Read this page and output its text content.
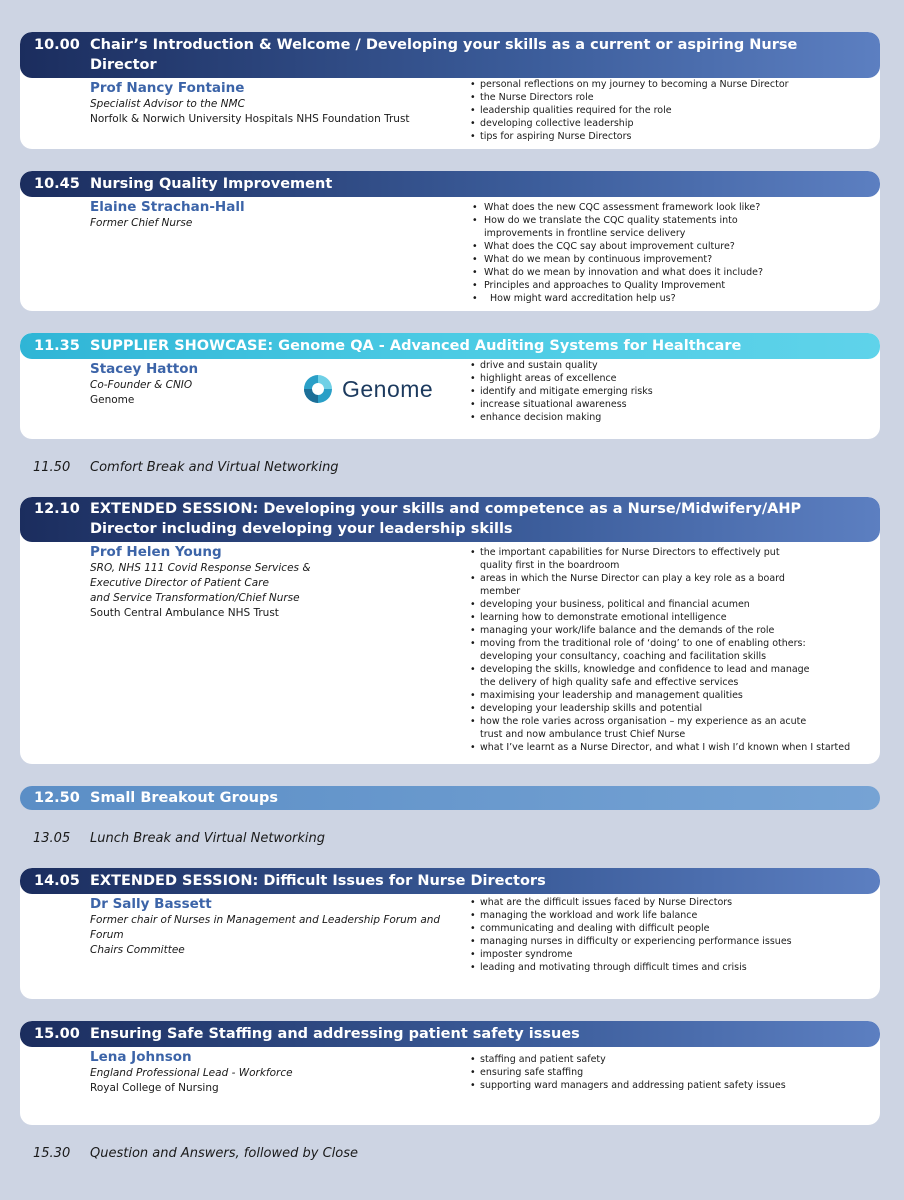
10.00 Chair’s Introduction & Welcome / Developing your skills as a current or aspiring Nurse Director
Prof Nancy Fontaine
Specialist Advisor to the NMC
Norfolk & Norwich University Hospitals NHS Foundation Trust
• personal reflections on my journey to becoming a Nurse Director
• the Nurse Directors role
• leadership qualities required for the role
• developing collective leadership
• tips for aspiring Nurse Directors
10.45 Nursing Quality Improvement
Elaine Strachan-Hall
Former Chief Nurse
• What does the new CQC assessment framework look like?
• How do we translate the CQC quality statements into improvements in frontline service delivery
• What does the CQC say about improvement culture?
• What do we mean by continuous improvement?
• What do we mean by innovation and what does it include?
• Principles and approaches to Quality Improvement
• How might ward accreditation help us?
11.35 SUPPLIER SHOWCASE: Genome QA - Advanced Auditing Systems for Healthcare
Stacey Hatton
Co-Founder & CNIO
Genome	Genome
• drive and sustain quality
• highlight areas of excellence
• identify and mitigate emerging risks
• increase situational awareness
• enhance decision making
11.50	Comfort Break and Virtual Networking
12.10 EXTENDED SESSION: Developing your skills and competence as a Nurse/Midwifery/AHP Director including developing your leadership skills
Prof Helen Young
SRO, NHS 111 Covid Response Services &
Executive Director of Patient Care
and Service Transformation/Chief Nurse
South Central Ambulance NHS Trust
• the important capabilities for Nurse Directors to effectively put quality first in the boardroom
• areas in which the Nurse Director can play a key role as a board member
• developing your business, political and financial acumen
• learning how to demonstrate emotional intelligence
• managing your work/life balance and the demands of the role
• moving from the traditional role of ‘doing’ to one of enabling others: developing your consultancy, coaching and facilitation skills
• developing the skills, knowledge and confidence to lead and manage the delivery of high quality safe and effective services
• maximising your leadership and management qualities
• developing your leadership skills and potential
• how the role varies across organisation – my experience as an acute trust and now ambulance trust Chief Nurse
• what I’ve learnt as a Nurse Director, and what I wish I’d known when I started
12.50 Small Breakout Groups
13.05	Lunch Break and Virtual Networking
14.05 EXTENDED SESSION: Difficult Issues for Nurse Directors
Dr Sally Bassett
Former chair of Nurses in Management and Leadership Forum and Forum
Chairs Committee
• what are the difficult issues faced by Nurse Directors
• managing the workload and work life balance
• communicating and dealing with difficult people
• managing nurses in difficulty or experiencing performance issues
• imposter syndrome
• leading and motivating through difficult times and crisis
15.00 Ensuring Safe Staffing and addressing patient safety issues
Lena Johnson
England Professional Lead - Workforce
Royal College of Nursing
• staffing and patient safety
• ensuring safe staffing
• supporting ward managers and addressing patient safety issues
15.30	Question and Answers, followed by Close
